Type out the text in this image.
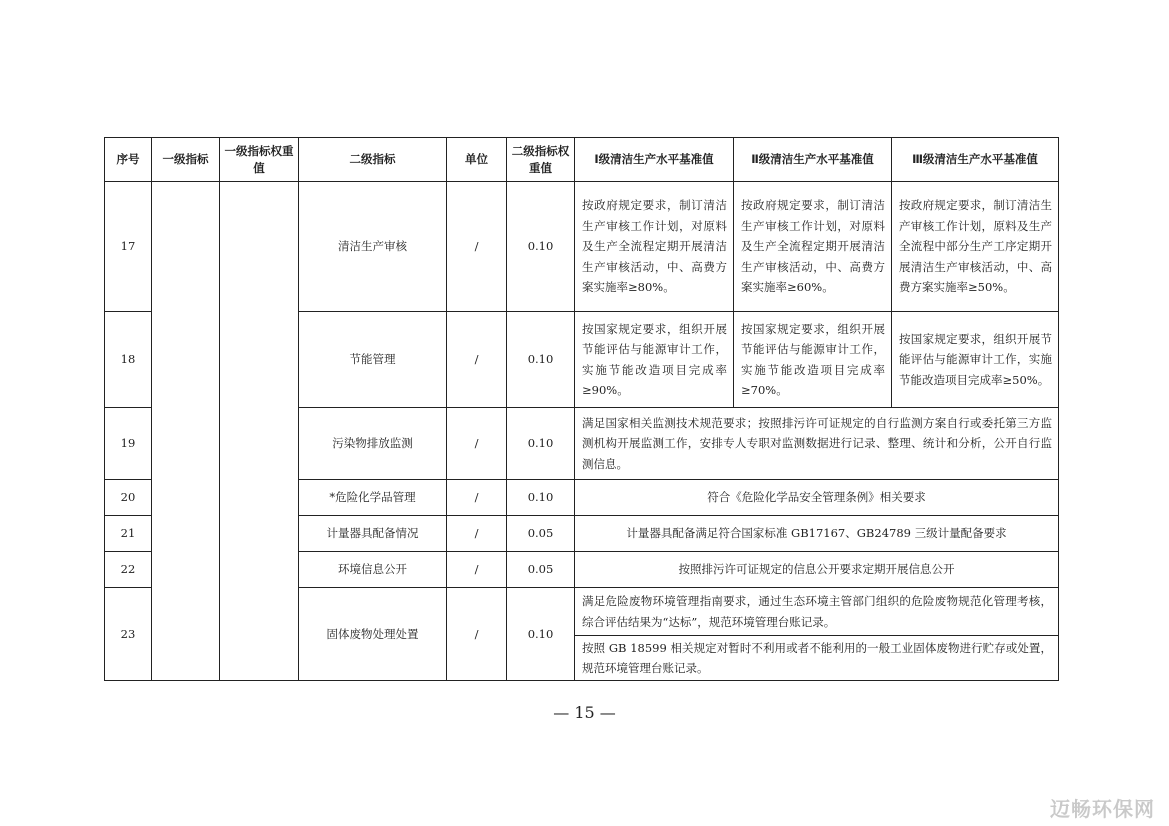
序号	一级指标	一级指标权重值	二级指标	单位	二级指标权重值	Ⅰ级清洁生产水平基准值	Ⅱ级清洁生产水平基准值	Ⅲ级清洁生产水平基准值
17			清洁生产审核	/	0.10	按政府规定要求，制订清洁生产审核工作计划，对原料及生产全流程定期开展清洁生产审核活动，中、高费方案实施率≥80%。	按政府规定要求，制订清洁生产审核工作计划，对原料及生产全流程定期开展清洁生产审核活动，中、高费方案实施率≥60%。	按政府规定要求，制订清洁生产审核工作计划，原料及生产全流程中部分生产工序定期开展清洁生产审核活动，中、高费方案实施率≥50%。

18			节能管理	/	0.10	按国家规定要求，组织开展节能评估与能源审计工作，实施节能改造项目完成率≥90%。	按国家规定要求，组织开展节能评估与能源审计工作，实施节能改造项目完成率≥70%。	按国家规定要求，组织开展节能评估与能源审计工作，实施节能改造项目完成率≥50%。

19			污染物排放监测	/	0.10	满足国家相关监测技术规范要求；按照排污许可证规定的自行监测方案自行或委托第三方监测机构开展监测工作，安排专人专职对监测数据进行记录、整理、统计和分析，公开自行监测信息。		

20			*危险化学品管理	/	0.10	符合《危险化学品安全管理条例》相关要求		

21			计量器具配备情况	/	0.05	计量器具配备满足符合国家标准 GB17167、GB24789 三级计量配备要求		

22			环境信息公开	/	0.05	按照排污许可证规定的信息公开要求定期开展信息公开		

23			固体废物处理处置	/	0.10	满足危险废物环境管理指南要求，通过生态环境主管部门组织的危险废物规范化管理考核，综合评估结果为“达标”，规范环境管理台账记录。		

						按照 GB 18599 相关规定对暂时不利用或者不能利用的一般工业固体废物进行贮存或处置，规范环境管理台账记录。		
— 15 —
迈畅环保网
